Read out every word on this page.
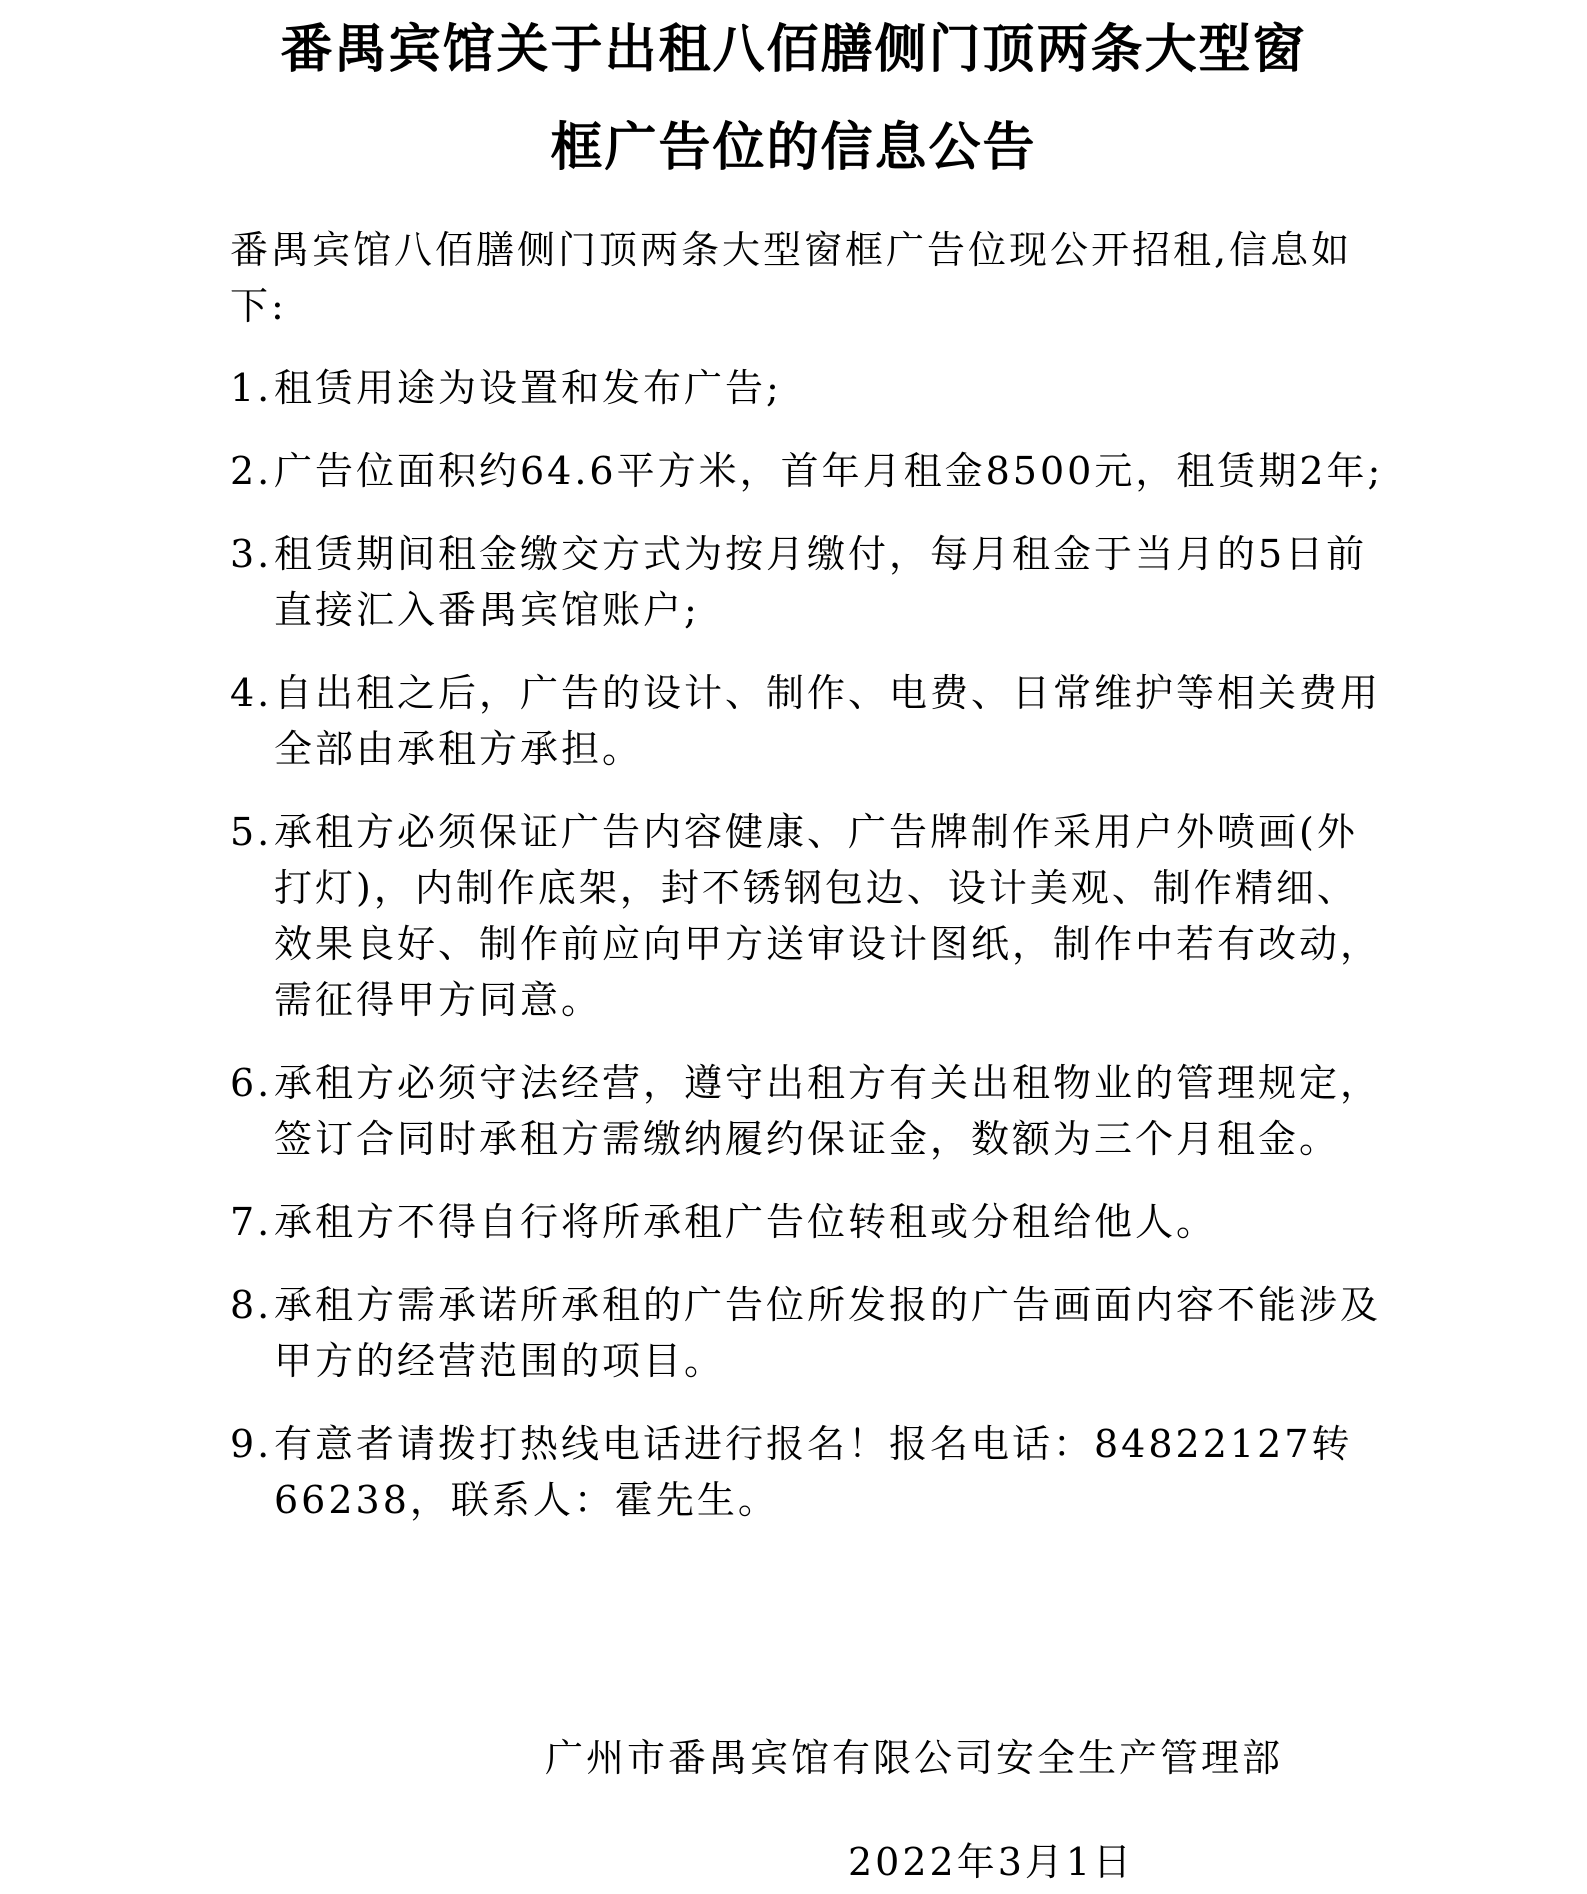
番禺宾馆关于出租八佰膳侧门顶两条大型窗
框广告位的信息公告

番禺宾馆八佰膳侧门顶两条大型窗框广告位现公开招租,信息如下:

1. 租赁用途为设置和发布广告;
2. 广告位面积约64.6平方米，首年月租金8500元，租赁期2年;
3. 租赁期间租金缴交方式为按月缴付，每月租金于当月的5日前直接汇入番禺宾馆账户;
4. 自出租之后，广告的设计、制作、电费、日常维护等相关费用全部由承租方承担。
5. 承租方必须保证广告内容健康、广告牌制作采用户外喷画(外打灯)，内制作底架，封不锈钢包边、设计美观、制作精细、效果良好、制作前应向甲方送审设计图纸，制作中若有改动，需征得甲方同意。
6. 承租方必须守法经营，遵守出租方有关出租物业的管理规定，签订合同时承租方需缴纳履约保证金，数额为三个月租金。
7. 承租方不得自行将所承租广告位转租或分租给他人。
8. 承租方需承诺所承租的广告位所发报的广告画面内容不能涉及甲方的经营范围的项目。
9. 有意者请拨打热线电话进行报名！报名电话：84822127转66238，联系人：霍先生。
广州市番禺宾馆有限公司安全生产管理部
2022年3月1日
